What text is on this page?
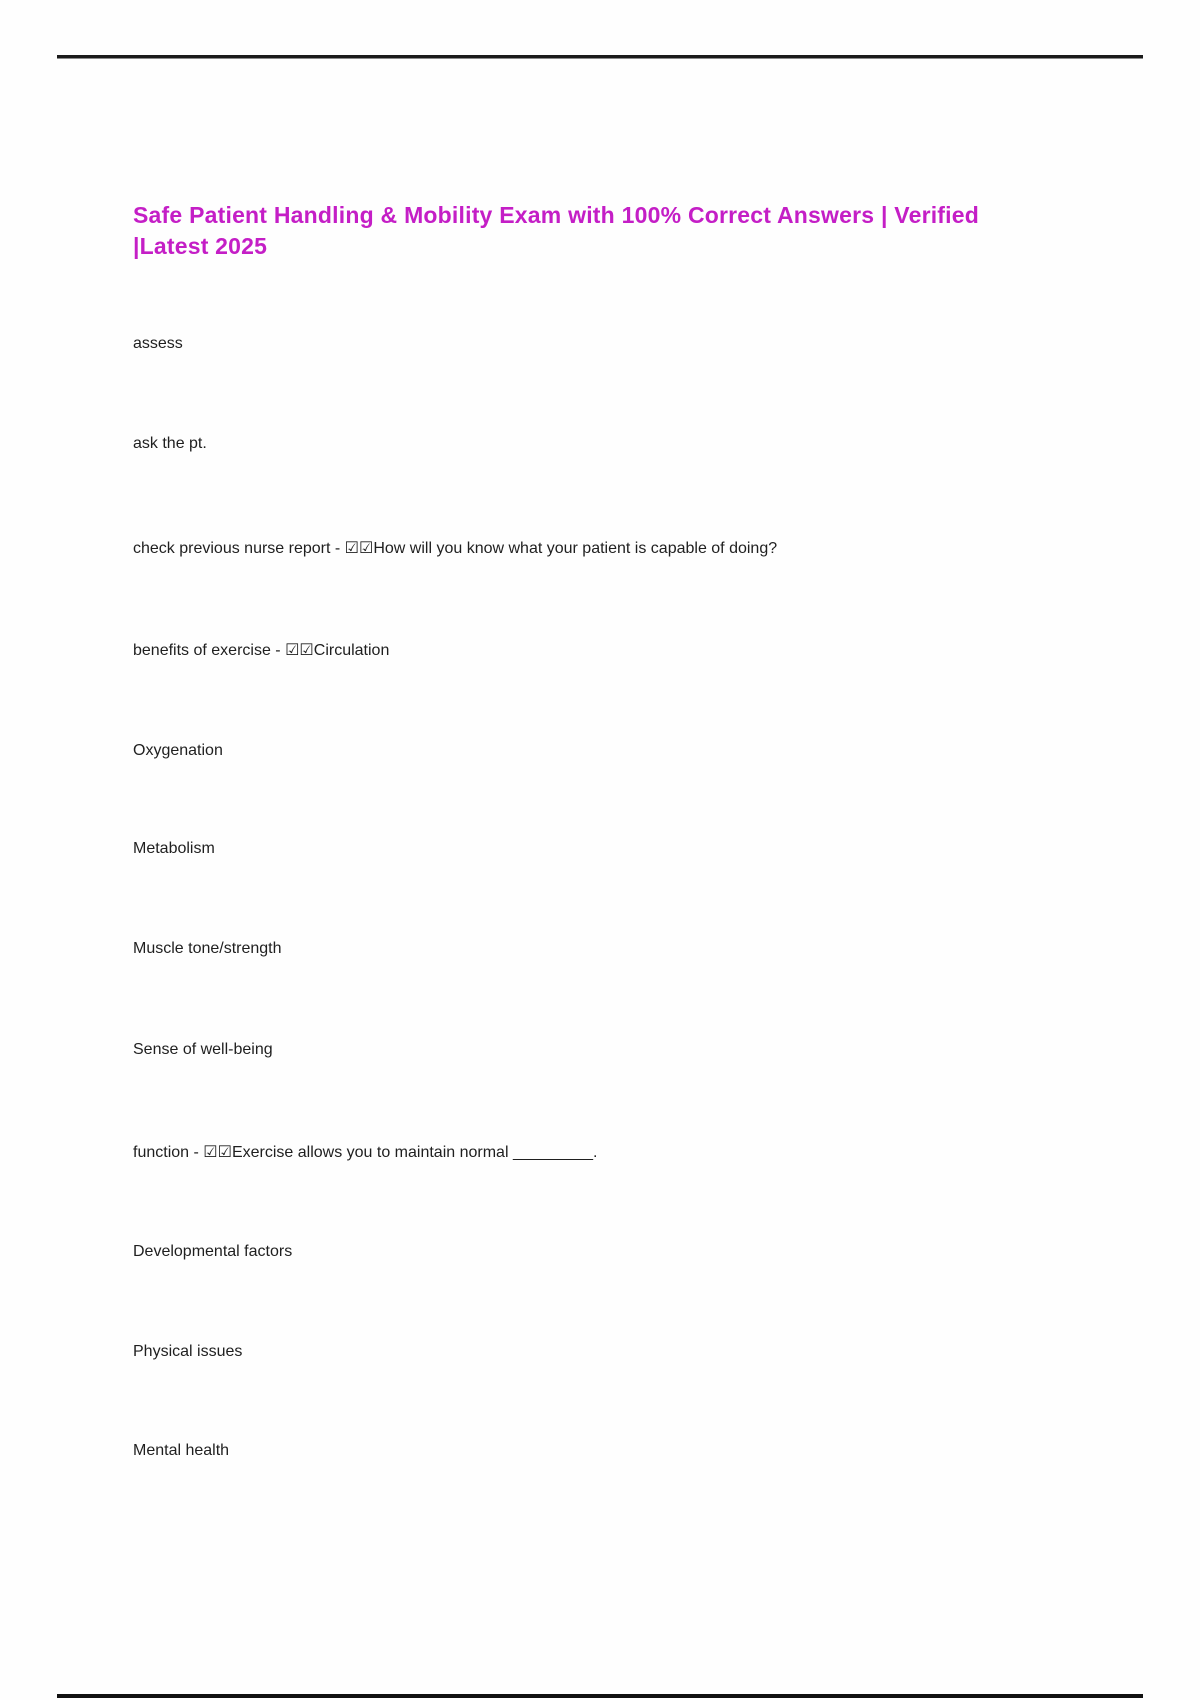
Safe Patient Handling & Mobility Exam with 100% Correct Answers | Verified
|Latest 2025
assess
ask the pt.
check previous nurse report - ☑☑How will you know what your patient is capable of doing?
benefits of exercise - ☑☑Circulation
Oxygenation
Metabolism
Muscle tone/strength
Sense of well-being
function - ☑☑Exercise allows you to maintain normal _________.
Developmental factors
Physical issues
Mental health
